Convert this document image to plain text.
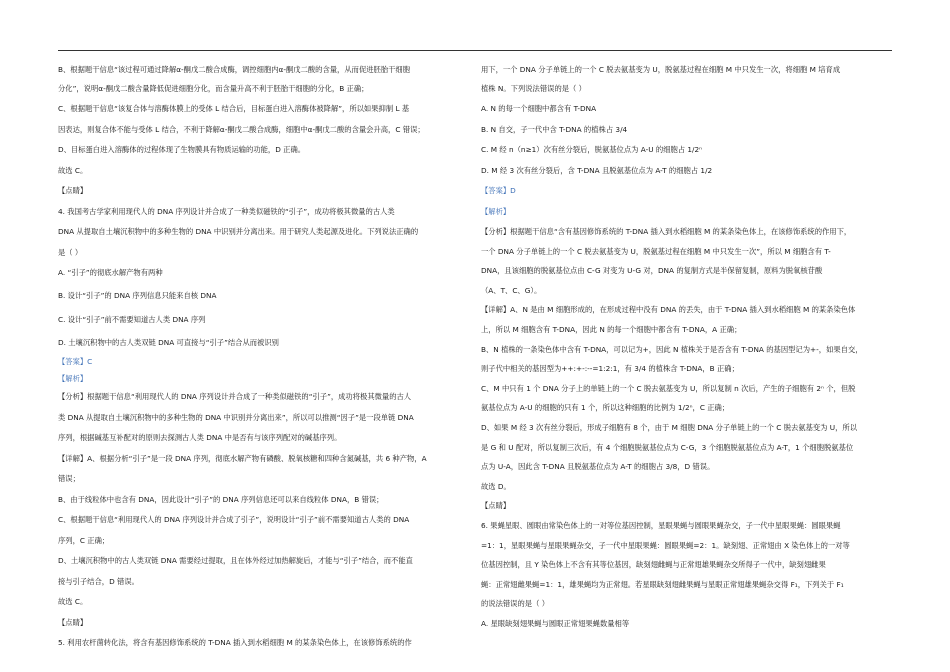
B、根据题干信息“该过程可通过降解α-酮戊二酸合成酶，调控细胞内α-酮戊二酸的含量，从而促进胚胎干细胞

分化”，说明α-酮戊二酸含量降低促进细胞分化，而含量升高不利于胚胎干细胞的分化，B 正确；

C、根据题干信息“该复合体与溶酶体膜上的受体 L 结合后，目标蛋白进入溶酶体被降解”，所以如果抑制 L 基

因表达，则复合体不能与受体 L 结合，不利于降解α-酮戊二酸合成酶，细胞中α-酮戊二酸的含量会升高，C 错误；

D、目标蛋白进入溶酶体的过程体现了生物膜具有物质运输的功能，D 正确。

故选 C。

【点睛】

4. 我国考古学家利用现代人的 DNA 序列设计并合成了一种类似磁铁的“引子”，成功将极其微量的古人类

DNA 从提取自土壤沉积物中的多种生物的 DNA 中识别并分离出来。用于研究人类起源及进化。下列说法正确的

是（ ）

A. “引子”的彻底水解产物有两种

B. 设计“引子”的 DNA 序列信息只能来自核 DNA

C. 设计“引子”前不需要知道古人类 DNA 序列

D. 土壤沉积物中的古人类双链 DNA 可直接与“引子”结合从而被识别

【答案】C

【解析】

【分析】根据题干信息“利用现代人的 DNA 序列设计并合成了一种类似磁铁的“引子”，成功将极其微量的古人

类 DNA 从提取自土壤沉积物中的多种生物的 DNA 中识别并分离出来”，所以可以推测“因子”是一段单链 DNA

序列，根据碱基互补配对的原则去探测古人类 DNA 中是否有与该序列配对的碱基序列。

【详解】A、根据分析“引子”是一段 DNA 序列，彻底水解产物有磷酸、脱氧核糖和四种含氮碱基，共 6 种产物，A

错误；

B、由于线粒体中也含有 DNA，因此设计“引子”的 DNA 序列信息还可以来自线粒体 DNA，B 错误；

C、根据题干信息“利用现代人的 DNA 序列设计并合成了引子”，说明设计“引子”前不需要知道古人类的 DNA

序列，C 正确；

D、土壤沉积物中的古人类双链 DNA 需要经过提取，且在体外经过加热解旋后，才能与“引子”结合，而不能直

接与引子结合，D 错误。

故选 C。

【点睛】

5. 利用农杆菌转化法，将含有基因修饰系统的 T-DNA 插入到水稻细胞 M 的某条染色体上，在该修饰系统的作

用下，一个 DNA 分子单链上的一个 C 脱去氨基变为 U，脱氨基过程在细胞 M 中只发生一次，将细胞 M 培育成

植株 N。下列说法错误的是（ ）

A. N 的每一个细胞中都含有 T-DNA

B. N 自交，子一代中含 T-DNA 的植株占 3/4

C. M 经 n（n≥1）次有丝分裂后，脱氨基位点为 A-U 的细胞占 1/2ⁿ

D. M 经 3 次有丝分裂后，含 T-DNA 且脱氨基位点为 A-T 的细胞占 1/2

【答案】D

【解析】

【分析】根据题干信息“含有基因修饰系统的 T-DNA 插入到水稻细胞 M 的某条染色体上，在该修饰系统的作用下，

一个 DNA 分子单链上的一个 C 脱去氨基变为 U，脱氨基过程在细胞 M 中只发生一次”，所以 M 细胞含有 T-

DNA，且该细胞的脱氨基位点由 C-G 对变为 U-G 对，DNA 的复制方式是半保留复制，原料为脱氧核苷酸

（A、T、C、G）。

【详解】A、N 是由 M 细胞形成的，在形成过程中没有 DNA 的丢失，由于 T-DNA 插入到水稻细胞 M 的某条染色体

上，所以 M 细胞含有 T-DNA，因此 N 的每一个细胞中都含有 T-DNA，A 正确；

B、N 植株的一条染色体中含有 T-DNA，可以记为+，因此 N 植株关于是否含有 T-DNA 的基因型记为+-，如果自交，

则子代中相关的基因型为++:+-:--=1:2:1，有 3/4 的植株含 T-DNA，B 正确；

C、M 中只有 1 个 DNA 分子上的单链上的一个 C 脱去氨基变为 U，所以复制 n 次后，产生的子细胞有 2ⁿ 个，但脱

氨基位点为 A-U 的细胞的只有 1 个，所以这种细胞的比例为 1/2ⁿ，C 正确；

D、如果 M 经 3 次有丝分裂后，形成子细胞有 8 个，由于 M 细胞 DNA 分子单链上的一个 C 脱去氨基变为 U，所以

是 G 和 U 配对，所以复制三次后，有 4 个细胞脱氨基位点为 C-G，3 个细胞脱氨基位点为 A-T，1 个细胞脱氨基位

点为 U-A，因此含 T-DNA 且脱氨基位点为 A-T 的细胞占 3/8，D 错误。

故选 D。

【点睛】

6. 果蝇星眼、圆眼由常染色体上的一对等位基因控制，星眼果蝇与圆眼果蝇杂交，子一代中星眼果蝇：圆眼果蝇

=1：1，星眼果蝇与星眼果蝇杂交，子一代中星眼果蝇：圆眼果蝇=2：1。缺刻翅、正常翅由 X 染色体上的一对等

位基因控制，且 Y 染色体上不含有其等位基因，缺刻翅雌蝇与正常翅雄果蝇杂交所得子一代中，缺刻翅雌果

蝇：正常翅雌果蝇=1：1，雄果蝇均为正常翅。若星眼缺刻翅雌果蝇与星眼正常翅雄果蝇杂交得 F₁，下列关于 F₁

的说法错误的是（ ）

A. 星眼缺刻翅果蝇与圆眼正常翅果蝇数量相等
